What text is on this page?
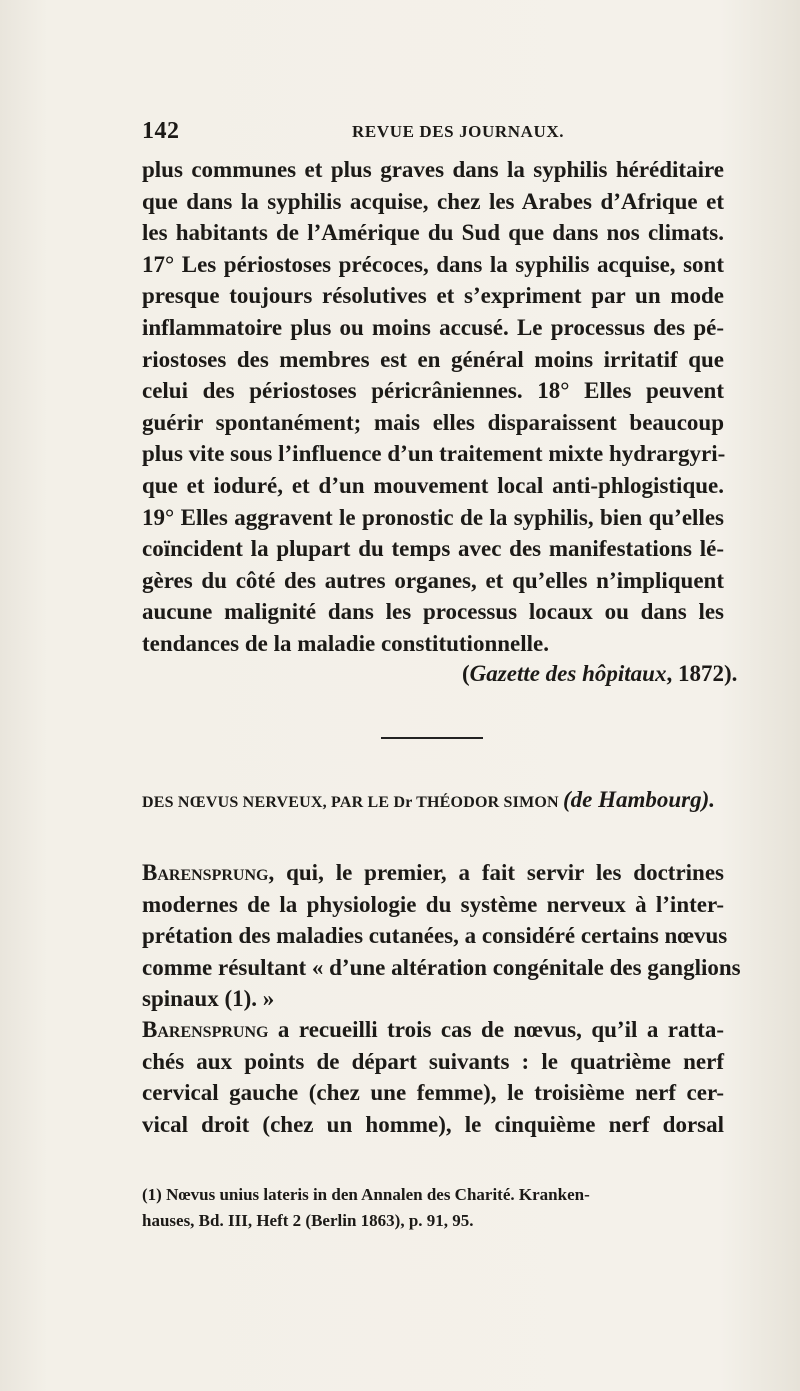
142	REVUE DES JOURNAUX.
plus communes et plus graves dans la syphilis héréditaire
que dans la syphilis acquise, chez les Arabes d’Afrique et
les habitants de l’Amérique du Sud que dans nos climats.
17° Les périostoses précoces, dans la syphilis acquise, sont
presque toujours résolutives et s’expriment par un mode
inflammatoire plus ou moins accusé. Le processus des pé-
riostoses des membres est en général moins irritatif que
celui des périostoses péricrâniennes. 18° Elles peuvent
guérir spontanément; mais elles disparaissent beaucoup
plus vite sous l’influence d’un traitement mixte hydrargyri-
que et ioduré, et d’un mouvement local anti-phlogistique.
19° Elles aggravent le pronostic de la syphilis, bien qu’elles
coïncident la plupart du temps avec des manifestations lé-
gères du côté des autres organes, et qu’elles n’impliquent
aucune malignité dans les processus locaux ou dans les
tendances de la maladie constitutionnelle.
(Gazette des hôpitaux, 1872).
DES NŒVUS NERVEUX, PAR LE Dr THÉODOR SIMON (de Hambourg).
Barensprung, qui, le premier, a fait servir les doctrines
modernes de la physiologie du système nerveux à l’inter-
prétation des maladies cutanées, a considéré certains nœvus
comme résultant « d’une altération congénitale des ganglions
spinaux (1). »
Barensprung a recueilli trois cas de nœvus, qu’il a ratta-
chés aux points de départ suivants : le quatrième nerf
cervical gauche (chez une femme), le troisième nerf cer-
vical droit (chez un homme), le cinquième nerf dorsal
(1) Nœvus unius lateris in den Annalen des Charité. Kranken-
hauses, Bd. III, Heft 2 (Berlin 1863), p. 91, 95.
